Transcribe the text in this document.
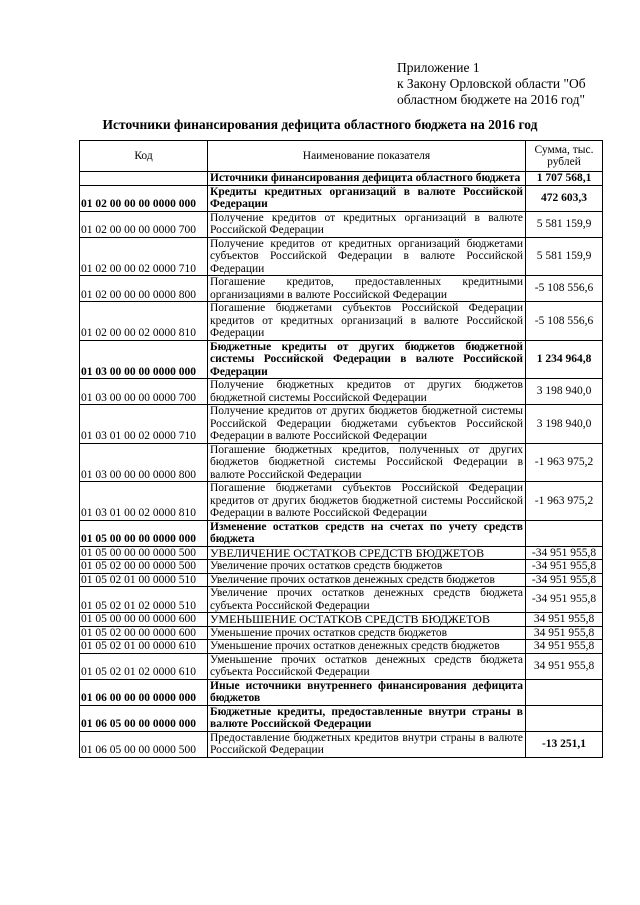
Приложение 1
к Закону Орловской области "Об
областном бюджете на 2016 год"
Источники финансирования дефицита областного бюджета на 2016 год
Код	Наименование показателя	Сумма, тыс. рублей
	Источники финансирования дефицита областного бюджета	1 707 568,1
01 02 00 00 00 0000 000	Кредиты кредитных организаций в валюте Российской Федерации	472 603,3
01 02 00 00 00 0000 700	Получение кредитов от кредитных организаций в валюте Российской Федерации	5 581 159,9
01 02 00 00 02 0000 710	Получение кредитов от кредитных организаций бюджетами субъектов Российской Федерации в валюте Российской Федерации	5 581 159,9
01 02 00 00 00 0000 800	Погашение кредитов, предоставленных кредитными организациями в валюте Российской Федерации	-5 108 556,6
01 02 00 00 02 0000 810	Погашение бюджетами субъектов Российской Федерации кредитов от кредитных организаций в валюте Российской Федерации	-5 108 556,6
01 03 00 00 00 0000 000	Бюджетные кредиты от других бюджетов бюджетной системы Российской Федерации в валюте Российской Федерации	1 234 964,8
01 03 00 00 00 0000 700	Получение бюджетных кредитов от других бюджетов бюджетной системы Российской Федерации	3 198 940,0
01 03 01 00 02 0000 710	Получение кредитов от других бюджетов бюджетной системы Российской Федерации бюджетами субъектов Российской Федерации в валюте Российской Федерации	3 198 940,0
01 03 00 00 00 0000 800	Погашение бюджетных кредитов, полученных от других бюджетов бюджетной системы Российской Федерации в валюте Российской Федерации	-1 963 975,2
01 03 01 00 02 0000 810	Погашение бюджетами субъектов Российской Федерации кредитов от других бюджетов бюджетной системы Российской Федерации в валюте Российской Федерации	-1 963 975,2
01 05 00 00 00 0000 000	Изменение остатков средств на счетах по учету средств бюджета	
01 05 00 00 00 0000 500	УВЕЛИЧЕНИЕ ОСТАТКОВ СРЕДСТВ БЮДЖЕТОВ	-34 951 955,8
01 05 02 00 00 0000 500	Увеличение прочих остатков средств бюджетов	-34 951 955,8
01 05 02 01 00 0000 510	Увеличение прочих остатков денежных средств бюджетов	-34 951 955,8
01 05 02 01 02 0000 510	Увеличение прочих остатков денежных средств бюджета субъекта Российской Федерации	-34 951 955,8
01 05 00 00 00 0000 600	УМЕНЬШЕНИЕ ОСТАТКОВ СРЕДСТВ БЮДЖЕТОВ	34 951 955,8
01 05 02 00 00 0000 600	Уменьшение прочих остатков средств бюджетов	34 951 955,8
01 05 02 01 00 0000 610	Уменьшение прочих остатков денежных средств бюджетов	34 951 955,8
01 05 02 01 02 0000 610	Уменьшение прочих остатков денежных средств бюджета субъекта Российской Федерации	34 951 955,8
01 06 00 00 00 0000 000	Иные источники внутреннего финансирования дефицита бюджетов	
01 06 05 00 00 0000 000	Бюджетные кредиты, предоставленные внутри страны в валюте Российской Федерации	
01 06 05 00 00 0000 500	Предоставление бюджетных кредитов внутри страны в валюте Российской Федерации	-13 251,1
